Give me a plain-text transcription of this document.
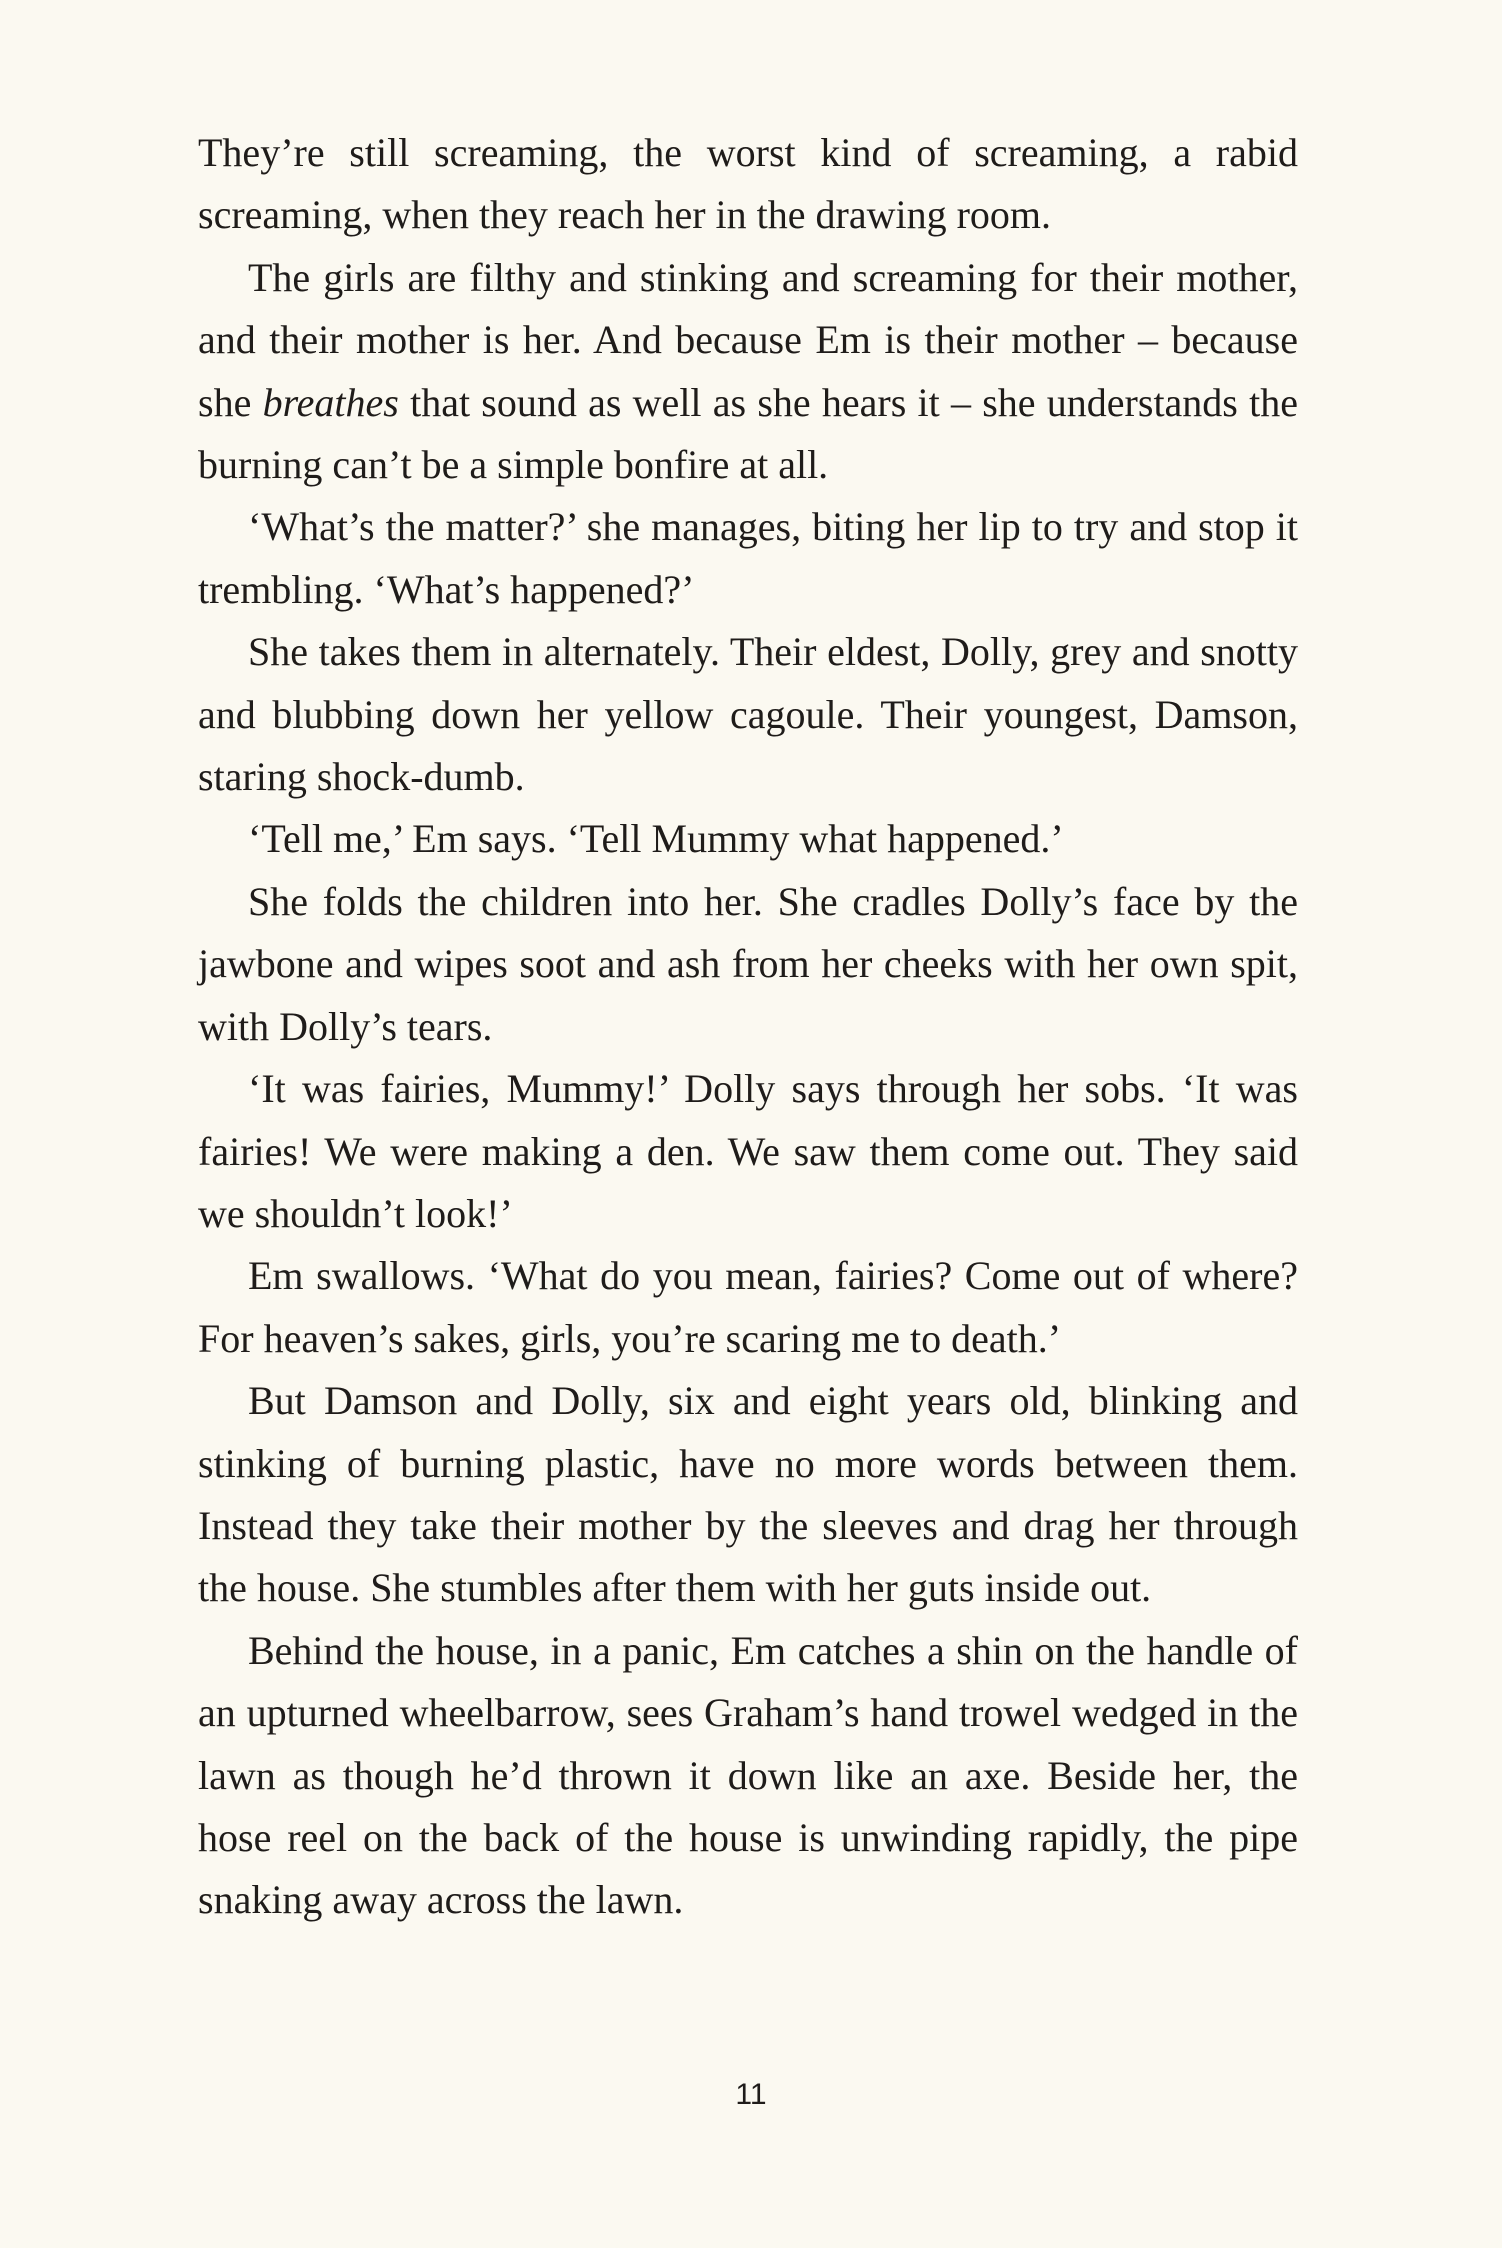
They’re still screaming, the worst kind of screaming, a rabid screaming, when they reach her in the drawing room.

The girls are filthy and stinking and screaming for their mother, and their mother is her. And because Em is their mother – because she breathes that sound as well as she hears it – she understands the burning can’t be a simple bonfire at all.

‘What’s the matter?’ she manages, biting her lip to try and stop it trembling. ‘What’s happened?’

She takes them in alternately. Their eldest, Dolly, grey and snotty and blubbing down her yellow cagoule. Their youngest, Damson, staring shock-dumb.

‘Tell me,’ Em says. ‘Tell Mummy what happened.’

She folds the children into her. She cradles Dolly’s face by the jawbone and wipes soot and ash from her cheeks with her own spit, with Dolly’s tears.

‘It was fairies, Mummy!’ Dolly says through her sobs. ‘It was fairies! We were making a den. We saw them come out. They said we shouldn’t look!’

Em swallows. ‘What do you mean, fairies? Come out of where? For heaven’s sakes, girls, you’re scaring me to death.’

But Damson and Dolly, six and eight years old, blinking and stinking of burning plastic, have no more words between them. Instead they take their mother by the sleeves and drag her through the house. She stumbles after them with her guts inside out.

Behind the house, in a panic, Em catches a shin on the handle of an upturned wheelbarrow, sees Graham’s hand trowel wedged in the lawn as though he’d thrown it down like an axe. Beside her, the hose reel on the back of the house is unwinding rapidly, the pipe snaking away across the lawn.

11
